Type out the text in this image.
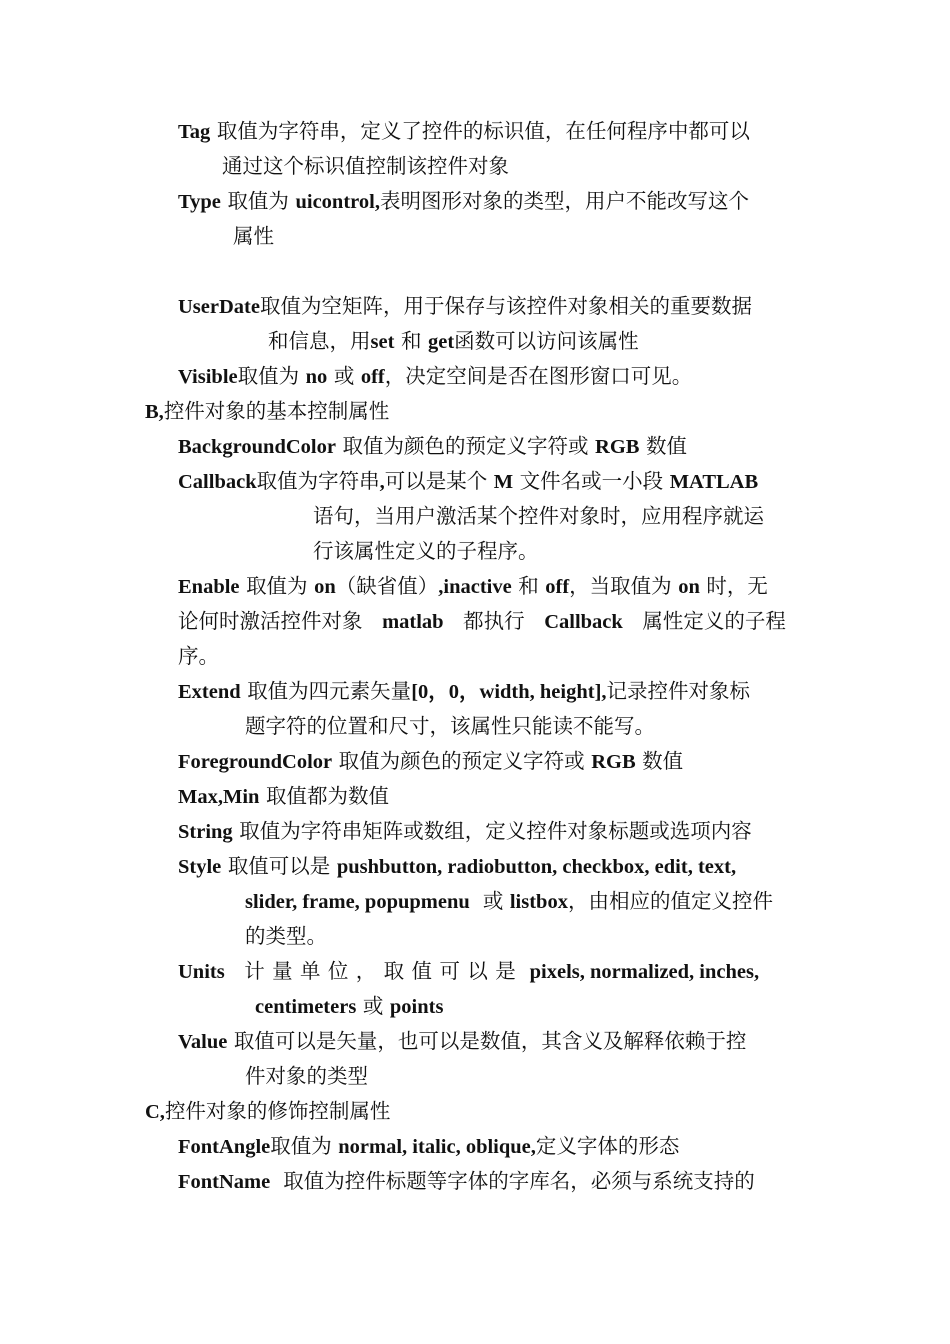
Tag 取值为字符串，定义了控件的标识值，在任何程序中都可以
通过这个标识值控制该控件对象
Type 取值为 uicontrol,表明图形对象的类型，用户不能改写这个
属性
UserDate取值为空矩阵，用于保存与该控件对象相关的重要数据
和信息，用set 和 get函数可以访问该属性
Visible取值为 no 或 off，决定空间是否在图形窗口可见。
B,控件对象的基本控制属性
BackgroundColor 取值为颜色的预定义字符或 RGB 数值
Callback取值为字符串,可以是某个 M 文件名或一小段 MATLAB
语句，当用户激活某个控件对象时，应用程序就运
行该属性定义的子程序。
Enable 取值为 on（缺省值）,inactive 和 off，当取值为 on 时，无
论何时激活控件对象 matlab 都执行 Callback 属性定义的子程
序。
Extend 取值为四元素矢量[0，0，width, height],记录控件对象标
题字符的位置和尺寸，该属性只能读不能写。
ForegroundColor 取值为颜色的预定义字符或 RGB 数值
Max,Min 取值都为数值
String 取值为字符串矩阵或数组，定义控件对象标题或选项内容
Style 取值可以是 pushbutton, radiobutton, checkbox, edit, text,
slider, frame, popupmenu 或 listbox，由相应的值定义控件
的类型。
Units 计量单位，取值可以是 pixels, normalized, inches,
centimeters 或 points
Value 取值可以是矢量，也可以是数值，其含义及解释依赖于控
件对象的类型
C,控件对象的修饰控制属性
FontAngle取值为 normal, italic, oblique,定义字体的形态
FontName 取值为控件标题等字体的字库名，必须与系统支持的
